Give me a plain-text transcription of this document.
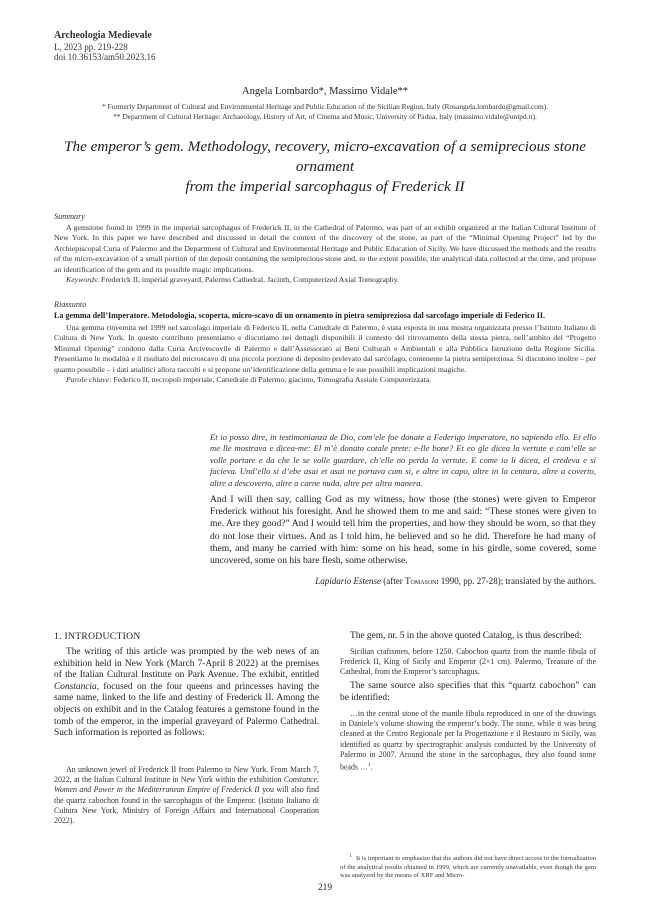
Archeologia Medievale
L, 2023 pp. 219-228
doi 10.36153/am50.2023.16
Angela Lombardo*, Massimo Vidale**
* Formerly Department of Cultural and Environmental Heritage and Public Education of the Sicilian Region, Italy (Rosangela.lombardo@gmail.com).
** Department of Cultural Heritage: Archaeology, History of Art, of Cinema and Music, University of Padua, Italy (massimo.vidale@unipd.it).
The emperor’s gem. Methodology, recovery, micro-excavation of a semiprecious stone ornament
from the imperial sarcophagus of Frederick II
Summary
A gemstone found in 1999 in the imperial sarcophagus of Frederick II, in the Cathedral of Palermo, was part of an exhibit organized at the Italian Cultural Institute of New York. In this paper we have described and discussed in detail the context of the discovery of the stone, as part of the “Minimal Opening Project” led by the Archiepiscopal Curia of Palermo and the Department of Cultural and Environmental Heritage and Public Education of Sicily. We have discussed the methods and the results of the micro-excavation of a small portion of the deposit containing the semiprecious stone and, to the extent possible, the analytical data collected at the time, and propose an identification of the gem and its possible magic implications.
Keywords: Frederick II, imperial graveyard, Palermo Cathedral, Jacinth, Computerized Axial Tomography.
Riassunto
La gemma dell’Imperatore. Metodologia, scoperta, micro-scavo di un ornamento in pietra semipreziosa dal sarcofago imperiale di Federico II.
Una gemma rinvenuta nel 1999 nel sarcofago imperiale di Federico II, nella Cattedrale di Palermo, è stata esposta in una mostra organizzata presso l’Istituto Italiano di Cultura di New York. In questo contributo presentiamo e discutiamo nei dettagli disponibili il contesto del ritrovamento della stessa pietra, nell’ambito del “Progetto Minimal Opening” condotto dalla Curia Arcivescovile di Palermo e dall’Assessorato ai Beni Culturali e Ambientali e alla Pubblica Istruzione della Regione Sicilia. Presentiamo le modalità e il risultato del microscavo di una piccola porzione di deposito prelevato dal sarcofago, contenente la pietra semipreziosa. Si discutono inoltre – per quanto possibile – i dati analitici allora raccolti e si propone un’identificazione della gemma e le sue possibili implicazioni magiche.
Parole chiave: Federico II, necropoli imperiale, Cattedrale di Palermo, giacinto, Tomografia Assiale Computerizzata.
Et io posso dire, in testimonianza de Dio, com’ele foe donate a Federigo imperatore, no sapiendo ello. Et ello me lle mostrava e dicea-me: El m’è donato cotale prete: e-lle bone? Et eo gle dicea la vertute e com’elle se volle portare e da che le se volle guardare, ch’elle no perda la vertute. E come io li dicea, el credeva e sì facieva. Und’ello si d’ebe asai et asai ne portava cum sì, e altre in capo, altre in la centura, altre a coverto, altre a descoverto, altre a carne nuda, altre per altra manera.
And I will then say, calling God as my witness, how those (the stones) were given to Emperor Frederick without his foresight. And he showed them to me and said: “These stones were given to me. Are they good?” And I would tell him the properties, and how they should be worn, so that they do not lose their virtues. And as I told him, he believed and so he did. Therefore he had many of them, and many he carried with him: some on his head, some in his girdle, some covered, some uncovered, some on his bare flesh, some otherwise.
Lapidario Estense (after Tomasoni 1990, pp. 27-28); translated by the authors.
1. INTRODUCTION
The writing of this article was prompted by the web news of an exhibition held in New York (March 7-April 8 2022) at the premises of the Italian Cultural Institute on Park Avenue. The exhibit, entitled Constancia, focused on the four queens and princesses having the same name, linked to the life and destiny of Frederick II. Among the objects on exhibit and in the Catalog features a gemstone found in the tomb of the emperor, in the imperial graveyard of Palermo Cathedral. Such information is reported as follows:
An unknown jewel of Frederick II from Palermo to New York. From March 7, 2022, at the Italian Cultural Institute in New York within the exhibition Constance. Women and Power in the Mediterranean Empire of Frederick II you will also find the quartz cabochon found in the sarcophagus of the Emperor. (Istituto Italiano di Cultura New York, Ministry of Foreign Affairs and International Cooperation 2022).
The gem, nr. 5 in the above quoted Catalog, is thus described:
Sicilian craftsmen, before 1250. Cabochon quartz from the mantle fibula of Frederick II, King of Sicily and Emperor (2×1 cm). Palermo, Treasure of the Cathedral, from the Emperor’s sarcophagus.
The same source also specifies that this “quartz cabochon” can be identified:
…in the central stone of the mantle fibula reproduced in one of the drawings in Daniele’s volume showing the emperor’s body. The stone, while it was being cleaned at the Centro Regionale per la Progettazione e il Restauro in Sicily, was identified as quartz by spectrographic analysis conducted by the University of Palermo in 2007. Around the stone in the sarcophagus, they also found some beads …$^1$.
$^1$ It is important to emphasize that the authors did not have direct access to the formalization of the analytical results obtained in 1999, which are currently unavailable, even though the gem was analyzed by the means of XRF and Micro-
219
